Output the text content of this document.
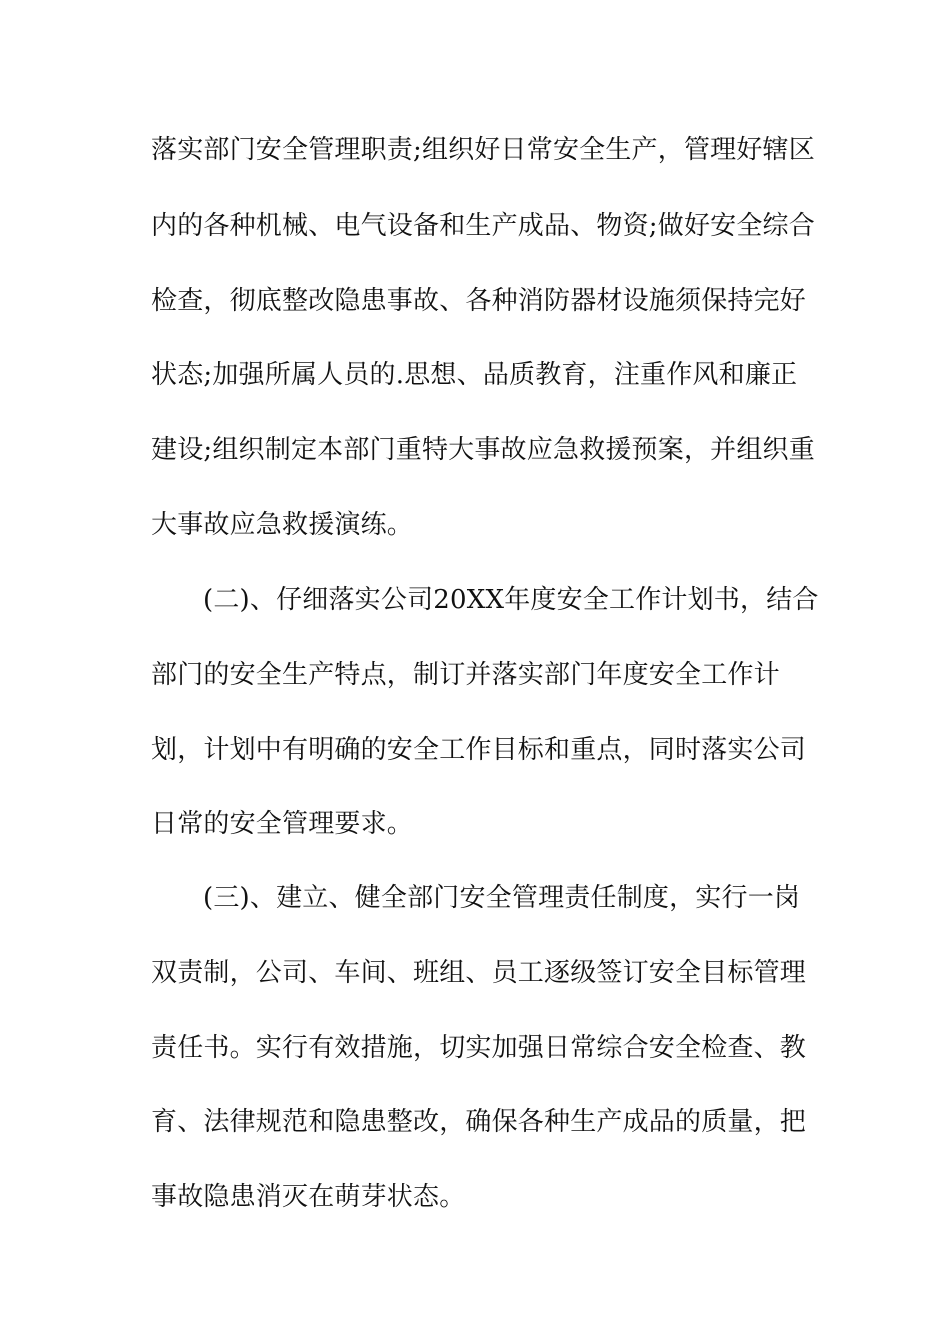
落实部门安全管理职责;组织好日常安全生产，管理好辖区
内的各种机械、电气设备和生产成品、物资;做好安全综合
检查，彻底整改隐患事故、各种消防器材设施须保持完好
状态;加强所属人员的.思想、品质教育，注重作风和廉正
建设;组织制定本部门重特大事故应急救援预案，并组织重
大事故应急救援演练。
(二)、仔细落实公司20XX年度安全工作计划书，结合
部门的安全生产特点，制订并落实部门年度安全工作计
划，计划中有明确的安全工作目标和重点，同时落实公司
日常的安全管理要求。
(三)、建立、健全部门安全管理责任制度，实行一岗
双责制，公司、车间、班组、员工逐级签订安全目标管理
责任书。实行有效措施，切实加强日常综合安全检查、教
育、法律规范和隐患整改，确保各种生产成品的质量，把
事故隐患消灭在萌芽状态。
